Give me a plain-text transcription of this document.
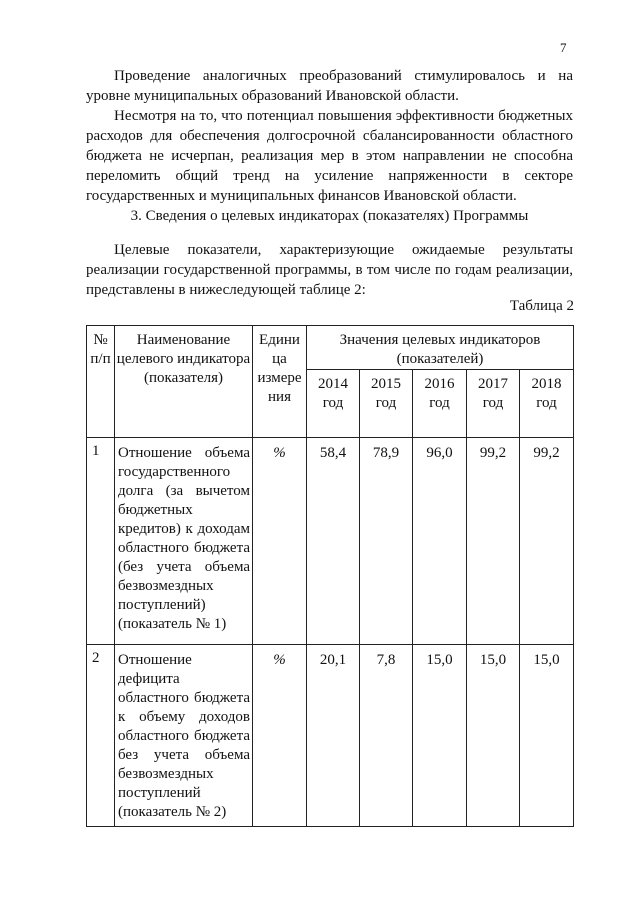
7

Проведение аналогичных преобразований стимулировалось и на уровне муниципальных образований Ивановской области.

Несмотря на то, что потенциал повышения эффективности бюджетных расходов для обеспечения долгосрочной сбалансированности областного бюджета не исчерпан, реализация мер в этом направлении не способна переломить общий тренд на усиление напряженности в секторе государственных и муниципальных финансов Ивановской области.

3. Сведения о целевых индикаторах (показателях) Программы

Целевые показатели, характеризующие ожидаемые результаты реализации государственной программы, в том числе по годам реализации, представлены в нижеследующей таблице 2:

Таблица 2

№ п/п	Наименование целевого индикатора (показателя)	Едини ца измере ния	Значения целевых индикаторов (показателей)				
			2014 год	2015 год	2016 год	2017 год	2018 год
1	Отношение объема государственного долга (за вычетом бюджетных кредитов) к доходам областного бюджета (без учета объема безвозмездных поступлений) (показатель № 1)	%	58,4	78,9	96,0	99,2	99,2
2	Отношение дефицита областного бюджета к объему доходов областного бюджета без учета объема безвозмездных поступлений (показатель № 2)	%	20,1	7,8	15,0	15,0	15,0
